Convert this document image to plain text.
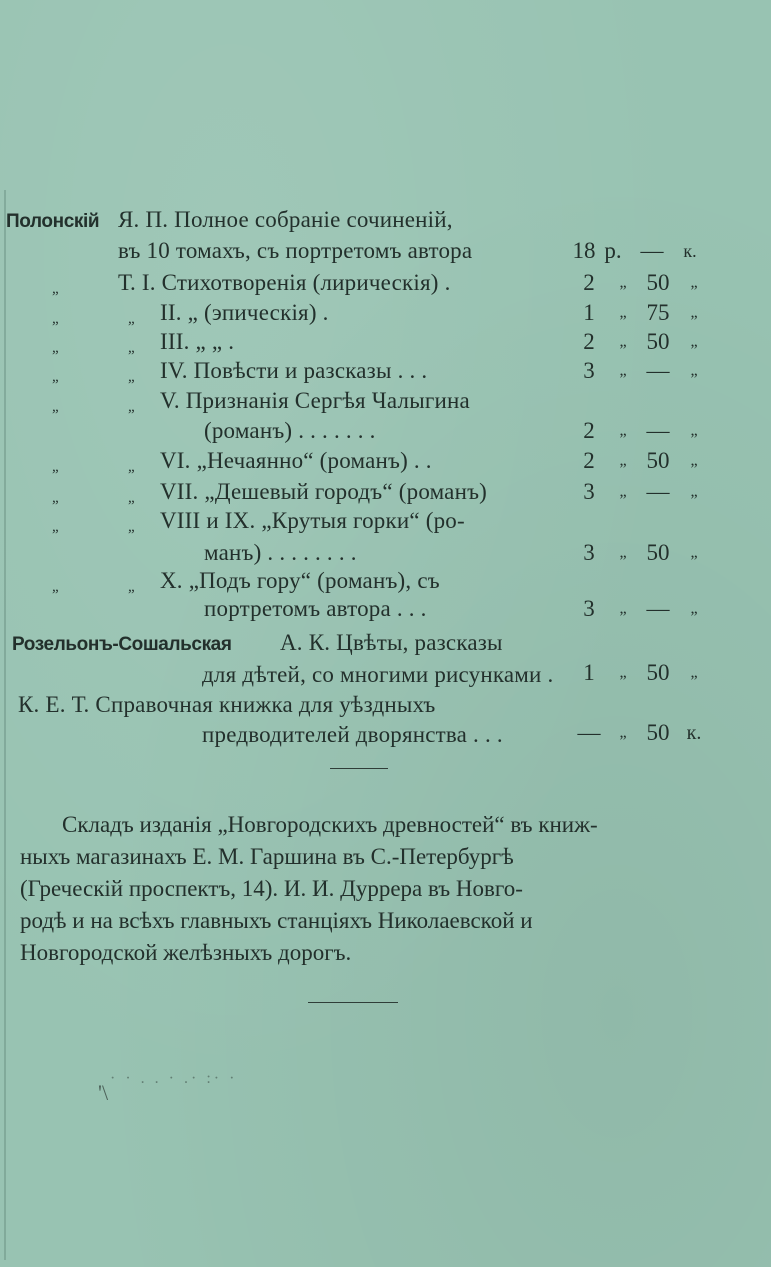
Полонскій Я. П. Полное собраніе сочиненій,
въ 10 томахъ, съ портретомъ автора	18 р. —	к.
„	Т. I. Стихотворенія (лирическія) .	2	„ 50	„
„	„ II. „ (эпическія) .	1	„ 75	„
„	„ III. „ „ .	2	„ 50	„
„	„ IV. Повѣсти и разсказы . . .	3	„ —	„
„	„ V. Признанія Сергѣя Чалыгина
(романъ) . . . . . . .	2	„ —	„
„	„ VI. „Нечаянно“ (романъ) . .	2	„ 50	„
„	„ VII. „Дешевый городъ“ (романъ)	3	„ —	„
„	„ VIII и IX. „Крутыя горки“ (ро-
манъ) . . . . . . . .	3	„ 50	„
„	„ X. „Подъ гору“ (романъ), съ
портретомъ автора . . .	3	„ —	„
Розельонъ-Сошальская А. К. Цвѣты, разсказы
для дѣтей, со многими рисунками .	1	„ 50	„
К. Е. Т. Справочная книжка для уѣздныхъ
предводителей дворянства . . .	—	„ 50 к.
Складъ изданія „Новгородскихъ древностей“ въ книж-
ныхъ магазинахъ Е. М. Гаршина въ С.-Петербургѣ
(Греческій проспектъ, 14). И. И. Дуррера въ Новго-
родѣ и на всѣхъ главныхъ станціяхъ Николаевской и
Новгородской желѣзныхъ дорогъ.
· · . . · .· :· ·
'\
